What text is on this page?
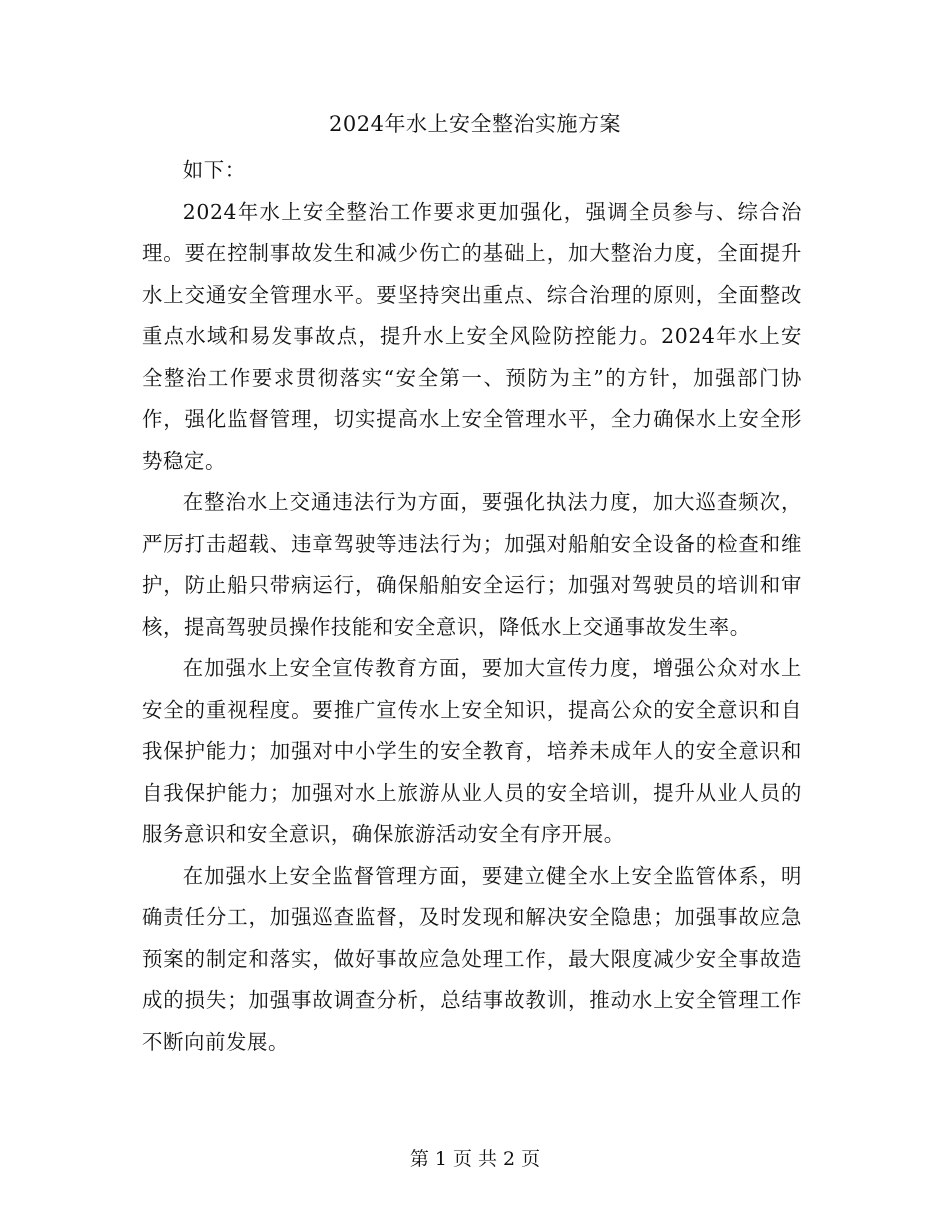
2024年水上安全整治实施方案

如下：

2024年水上安全整治工作要求更加强化，强调全员参与、综合治理。要在控制事故发生和减少伤亡的基础上，加大整治力度，全面提升水上交通安全管理水平。要坚持突出重点、综合治理的原则，全面整改重点水域和易发事故点，提升水上安全风险防控能力。2024年水上安全整治工作要求贯彻落实“安全第一、预防为主”的方针，加强部门协作，强化监督管理，切实提高水上安全管理水平，全力确保水上安全形势稳定。

在整治水上交通违法行为方面，要强化执法力度，加大巡查频次，严厉打击超载、违章驾驶等违法行为；加强对船舶安全设备的检查和维护，防止船只带病运行，确保船舶安全运行；加强对驾驶员的培训和审核，提高驾驶员操作技能和安全意识，降低水上交通事故发生率。

在加强水上安全宣传教育方面，要加大宣传力度，增强公众对水上安全的重视程度。要推广宣传水上安全知识，提高公众的安全意识和自我保护能力；加强对中小学生的安全教育，培养未成年人的安全意识和自我保护能力；加强对水上旅游从业人员的安全培训，提升从业人员的服务意识和安全意识，确保旅游活动安全有序开展。

在加强水上安全监督管理方面，要建立健全水上安全监管体系，明确责任分工，加强巡查监督，及时发现和解决安全隐患；加强事故应急预案的制定和落实，做好事故应急处理工作，最大限度减少安全事故造成的损失；加强事故调查分析，总结事故教训，推动水上安全管理工作不断向前发展。

第 1 页 共 2 页
